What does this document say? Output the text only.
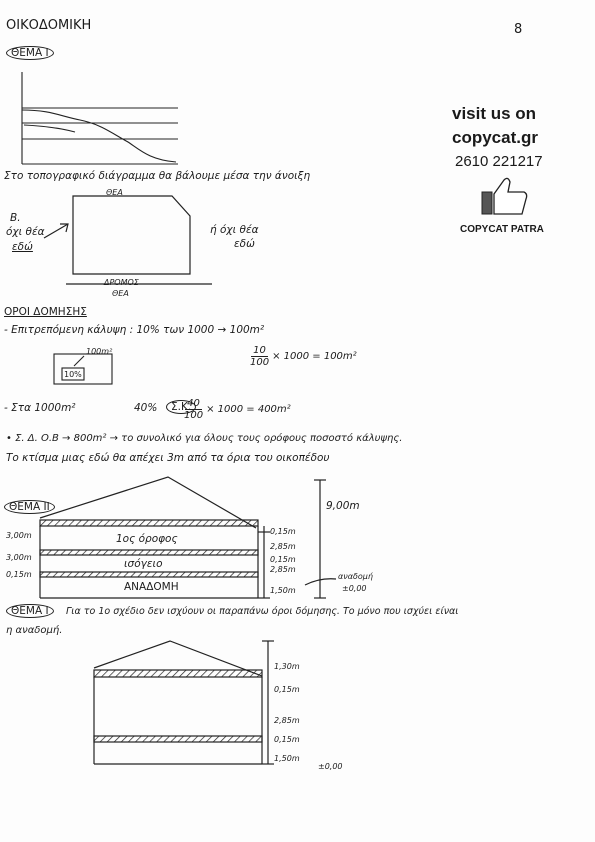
ΟΙΚΟΔΟΜΙΚΗ	8
visit us on
copycat.gr
2610 221217
COPYCAT PATRA
ΘΕΜΑ Ι
Στο τοπογραφικό διάγραμμα θα βάλουμε μέσα την άνοιξη
ΘΕΑ
Β.
όχι θέα
εδώ
ή όχι θέα
εδώ
ΔΡΟΜΟΣ
ΘΕΑ
ΟΡΟΙ ΔΟΜΗΣΗΣ
- Επιτρεπόμενη κάλυψη : 10% των 1000 → 100m²
100m²
10%
$\frac{10}{100} \times 1000 = 100m^2$
- Στα 1000m²	40%	Σ.Κ.
$\frac{40}{100} \times 1000 = 400m^2$
• Σ. Δ. Ο.Β → 800m² → το συνολικό για όλους τους ορόφους ποσοστό κάλυψης.
Το κτίσμα μιας εδώ θα απέχει 3m από τα όρια του οικοπέδου
ΘΕΜΑ ΙΙ
3,00m
3,00m
0,15m
1ος όροφος
ισόγειο
ΑΝΑΔΟΜΗ
0,15m
2,85m
0,15m
2,85m
1,50m
9,00m
αναδομή
±0,00
ΘΕΜΑ Ι	Για το 1ο σχέδιο δεν ισχύουν οι παραπάνω όροι δόμησης. Το μόνο που ισχύει είναι
η αναδομή.
1,30m
0,15m
2,85m
0,15m
1,50m
±0,00
